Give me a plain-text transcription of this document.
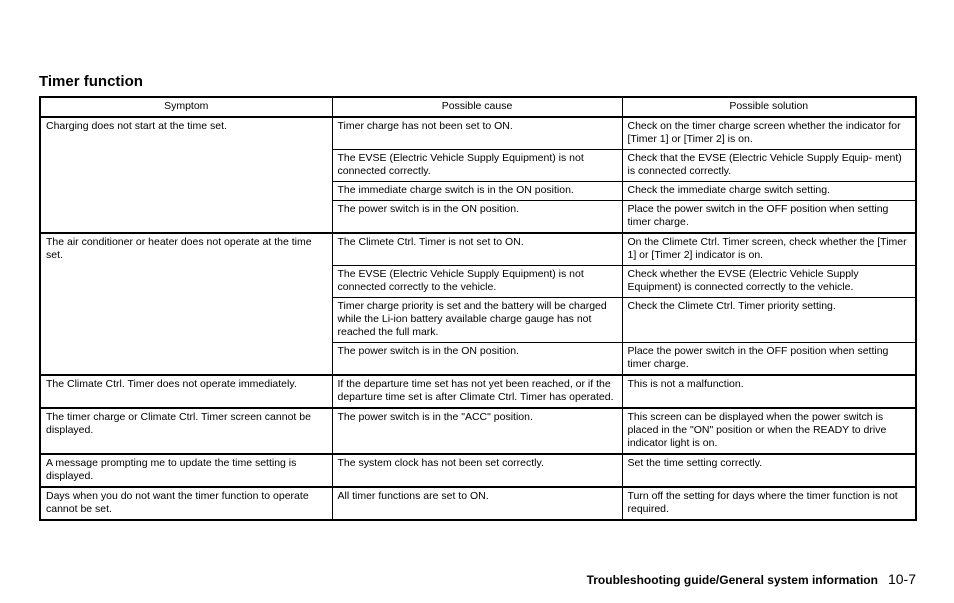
Timer function
Symptom	Possible cause	Possible solution
Charging does not start at the time set.	Timer charge has not been set to ON.	Check on the timer charge screen whether the indicator for [Timer 1] or [Timer 2] is on.
	The EVSE (Electric Vehicle Supply Equipment) is not connected correctly.	Check that the EVSE (Electric Vehicle Supply Equip- ment) is connected correctly.
	The immediate charge switch is in the ON position.	Check the immediate charge switch setting.
	The power switch is in the ON position.	Place the power switch in the OFF position when setting timer charge.
The air conditioner or heater does not operate at the time set.	The Climete Ctrl. Timer is not set to ON.	On the Climete Ctrl. Timer screen, check whether the [Timer 1] or [Timer 2] indicator is on.
	The EVSE (Electric Vehicle Supply Equipment) is not connected correctly to the vehicle.	Check whether the EVSE (Electric Vehicle Supply Equipment) is connected correctly to the vehicle.
	Timer charge priority is set and the battery will be charged while the Li-ion battery available charge gauge has not reached the full mark.	Check the Climete Ctrl. Timer priority setting.
	The power switch is in the ON position.	Place the power switch in the OFF position when setting timer charge.
The Climate Ctrl. Timer does not operate immediately.	If the departure time set has not yet been reached, or if the departure time set is after Climate Ctrl. Timer has operated.	This is not a malfunction.
The timer charge or Climate Ctrl. Timer screen cannot be displayed.	The power switch is in the "ACC" position.	This screen can be displayed when the power switch is placed in the "ON" position or when the READY to drive indicator light is on.
A message prompting me to update the time setting is displayed.	The system clock has not been set correctly.	Set the time setting correctly.
Days when you do not want the timer function to operate cannot be set.	All timer functions are set to ON.	Turn off the setting for days where the timer function is not required.
Troubleshooting guide/General system information 10-7
